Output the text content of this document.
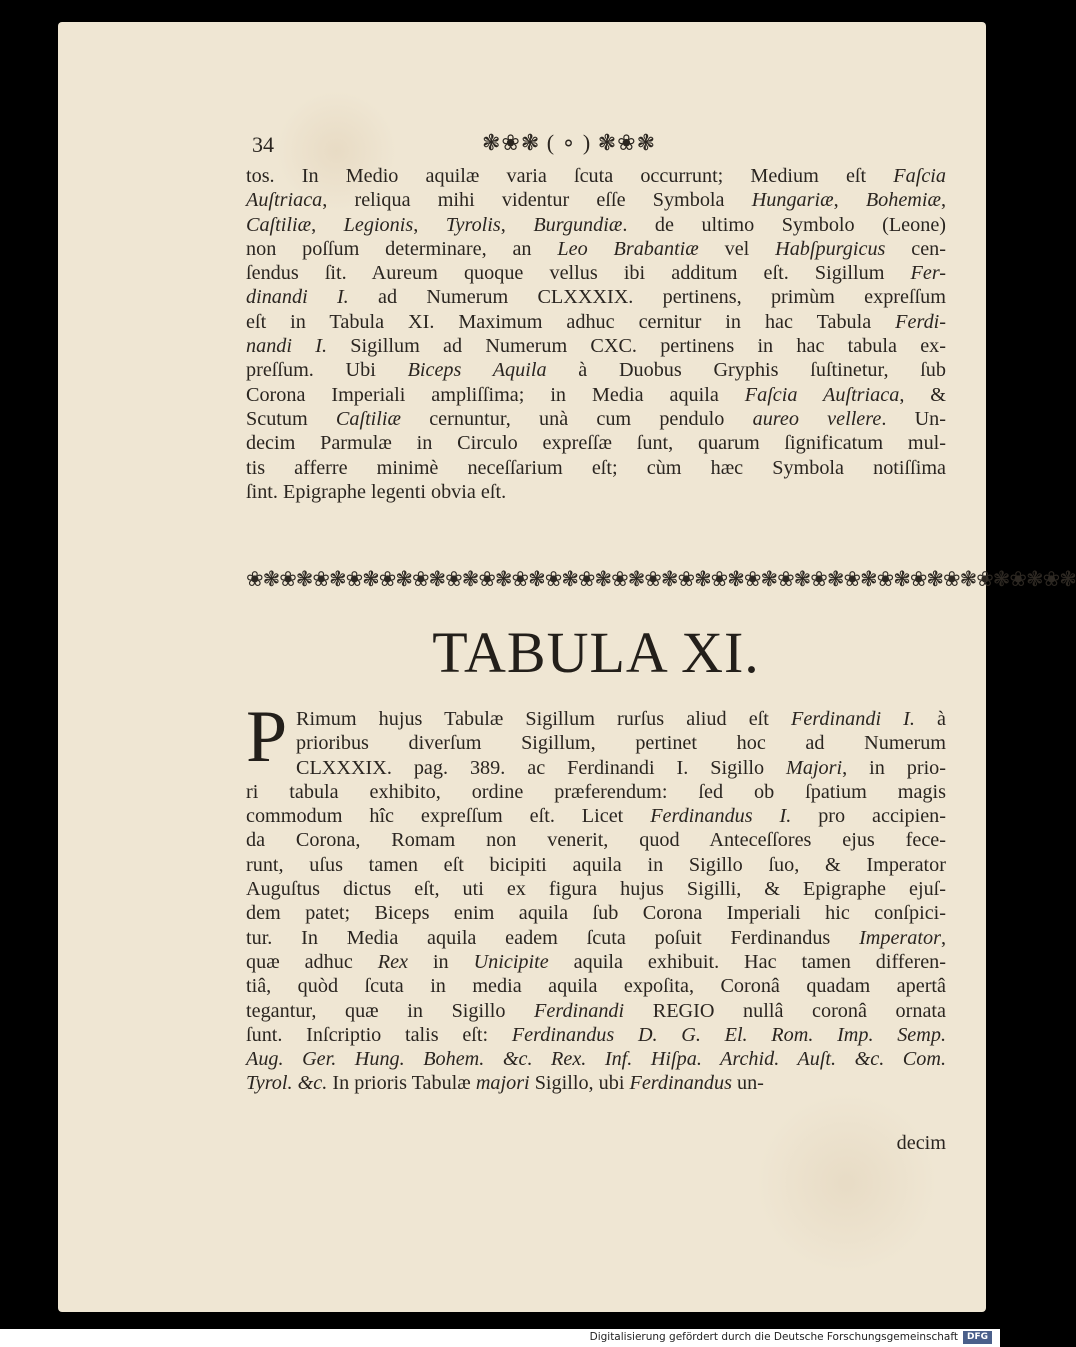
34	❃❀❃ ( ∘ ) ❃❀❃
tos. In Medio aquilæ varia ſcuta occurrunt; Medium eſt Faſcia
Auſtriaca, reliqua mihi videntur eſſe Symbola Hungariæ, Bohemiæ,
Caſtiliæ, Legionis, Tyrolis, Burgundiæ. de ultimo Symbolo (Leone)
non poſſum determinare, an Leo Brabantiæ vel Habſpurgicus cen-
ſendus ſit. Aureum quoque vellus ibi additum eſt. Sigillum Fer-
dinandi I. ad Numerum CLXXXIX. pertinens, primùm expreſſum
eſt in Tabula XI. Maximum adhuc cernitur in hac Tabula Ferdi-
nandi I. Sigillum ad Numerum CXC. pertinens in hac tabula ex-
preſſum. Ubi Biceps Aquila à Duobus Gryphis ſuſtinetur, ſub
Corona Imperiali ampliſſima; in Media aquila Faſcia Auſtriaca, &
Scutum Caſtiliæ cernuntur, unà cum pendulo aureo vellere. Un-
decim Parmulæ in Circulo expreſſæ ſunt, quarum ſignificatum mul-
tis afferre minimè neceſſarium eſt; cùm hæc Symbola notiſſima
ſint. Epigraphe legenti obvia eſt.
❀❃❀❃❀❃❀❃❀❃❀❃❀❃❀❃❀❃❀❃❀❃❀❃❀❃❀❃❀❃❀❃❀❃❀❃❀❃❀❃❀❃❀❃❀❃❀❃❀❃
TABULA XI.
P Rimum hujus Tabulæ Sigillum rurſus aliud eſt Ferdinandi I. à
prioribus diverſum Sigillum, pertinet hoc ad Numerum
CLXXXIX. pag. 389. ac Ferdinandi I. Sigillo Majori, in prio-
ri tabula exhibito, ordine præferendum: ſed ob ſpatium magis
commodum hîc expreſſum eſt. Licet Ferdinandus I. pro accipien-
da Corona, Romam non venerit, quod Anteceſſores ejus fece-
runt, uſus tamen eſt bicipiti aquila in Sigillo ſuo, & Imperator
Auguſtus dictus eſt, uti ex figura hujus Sigilli, & Epigraphe ejuſ-
dem patet; Biceps enim aquila ſub Corona Imperiali hic conſpici-
tur. In Media aquila eadem ſcuta poſuit Ferdinandus Imperator,
quæ adhuc Rex in Unicipite aquila exhibuit. Hac tamen differen-
tiâ, quòd ſcuta in media aquila expoſita, Coronâ quadam apertâ
tegantur, quæ in Sigillo Ferdinandi REGIO nullâ coronâ ornata
ſunt. Inſcriptio talis eſt: Ferdinandus D. G. El. Rom. Imp. Semp.
Aug. Ger. Hung. Bohem. &c. Rex. Inf. Hiſpa. Archid. Auſt. &c. Com.
Tyrol. &c. In prioris Tabulæ majori Sigillo, ubi Ferdinandus un-
decim
Digitalisierung gefördert durch die Deutsche Forschungsgemeinschaft DFG
